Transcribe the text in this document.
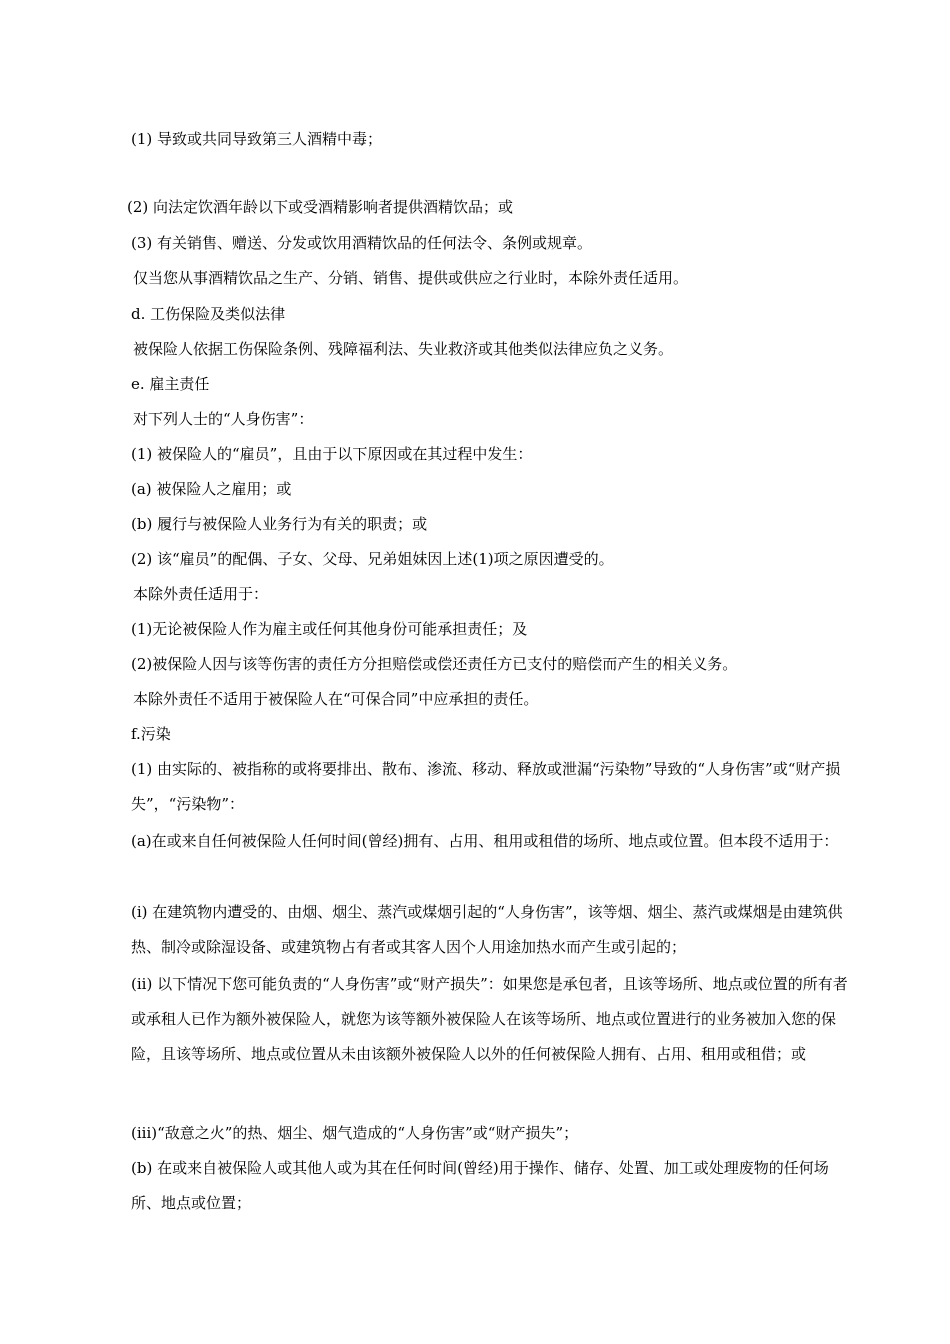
(1) 导致或共同导致第三人酒精中毒；
(2) 向法定饮酒年龄以下或受酒精影响者提供酒精饮品；或
(3) 有关销售、赠送、分发或饮用酒精饮品的任何法令、条例或规章。
仅当您从事酒精饮品之生产、分销、销售、提供或供应之行业时，本除外责任适用。
d. 工伤保险及类似法律
被保险人依据工伤保险条例、残障福利法、失业救济或其他类似法律应负之义务。
e. 雇主责任
对下列人士的“人身伤害”：
(1) 被保险人的“雇员”，且由于以下原因或在其过程中发生：
(a) 被保险人之雇用；或
(b) 履行与被保险人业务行为有关的职责；或
(2) 该“雇员”的配偶、子女、父母、兄弟姐妹因上述(1)项之原因遭受的。
本除外责任适用于：
(1)无论被保险人作为雇主或任何其他身份可能承担责任；及
(2)被保险人因与该等伤害的责任方分担赔偿或偿还责任方已支付的赔偿而产生的相关义务。
本除外责任不适用于被保险人在“可保合同”中应承担的责任。
f.污染
(1) 由实际的、被指称的或将要排出、散布、渗流、移动、释放或泄漏“污染物”导致的“人身伤害”或“财产损失”，“污染物”：
(a)在或来自任何被保险人任何时间(曾经)拥有、占用、租用或租借的场所、地点或位置。但本段不适用于：
(i) 在建筑物内遭受的、由烟、烟尘、蒸汽或煤烟引起的“人身伤害”，该等烟、烟尘、蒸汽或煤烟是由建筑供热、制冷或除湿设备、或建筑物占有者或其客人因个人用途加热水而产生或引起的；
(ii) 以下情况下您可能负责的“人身伤害”或“财产损失”：如果您是承包者，且该等场所、地点或位置的所有者或承租人已作为额外被保险人，就您为该等额外被保险人在该等场所、地点或位置进行的业务被加入您的保险，且该等场所、地点或位置从未由该额外被保险人以外的任何被保险人拥有、占用、租用或租借；或
(iii)“敌意之火”的热、烟尘、烟气造成的“人身伤害”或“财产损失”；
(b) 在或来自被保险人或其他人或为其在任何时间(曾经)用于操作、储存、处置、加工或处理废物的任何场所、地点或位置；
